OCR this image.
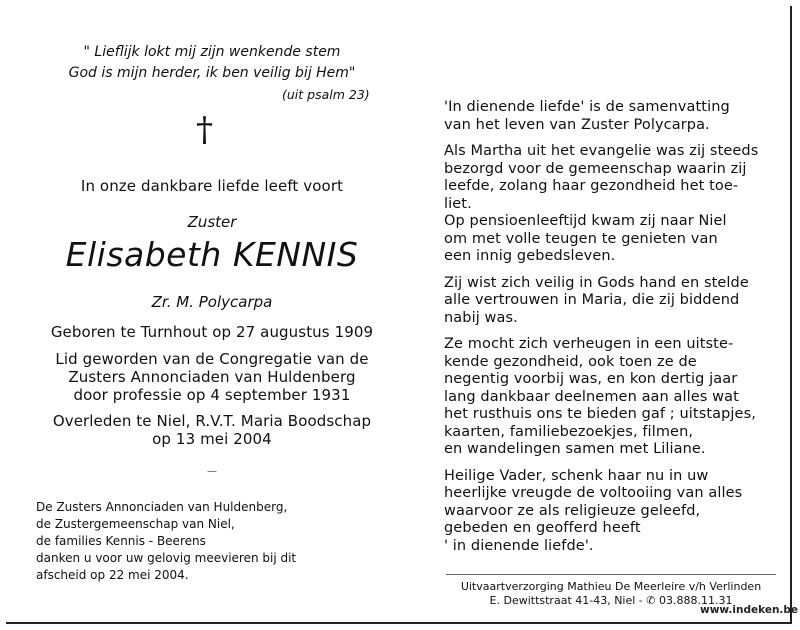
" Lieflijk lokt mij zijn wenkende stem
God is mijn herder, ik ben veilig bij Hem"
(uit psalm 23)
†
In onze dankbare liefde leeft voort
Zuster
Elisabeth KENNIS
Zr. M. Polycarpa
Geboren te Turnhout op 27 augustus 1909
Lid geworden van de Congregatie van de
Zusters Annonciaden van Huldenberg
door professie op 4 september 1931
Overleden te Niel, R.V.T. Maria Boodschap
op 13 mei 2004
—
De Zusters Annonciaden van Huldenberg,
de Zustergemeenschap van Niel,
de families Kennis - Beerens
danken u voor uw gelovig meevieren bij dit
afscheid op 22 mei 2004.

'In dienende liefde' is de samenvatting
van het leven van Zuster Polycarpa.

Als Martha uit het evangelie was zij steeds
bezorgd voor de gemeenschap waarin zij
leefde, zolang haar gezondheid het toe-
liet.
Op pensioenleeftijd kwam zij naar Niel
om met volle teugen te genieten van
een innig gebedsleven.

Zij wist zich veilig in Gods hand en stelde
alle vertrouwen in Maria, die zij biddend
nabij was.

Ze mocht zich verheugen in een uitste-
kende gezondheid, ook toen ze de
negentig voorbij was, en kon dertig jaar
lang dankbaar deelnemen aan alles wat
het rusthuis ons te bieden gaf ; uitstapjes,
kaarten, familiebezoekjes, filmen,
en wandelingen samen met Liliane.

Heilige Vader, schenk haar nu in uw
heerlijke vreugde de voltooiing van alles
waarvoor ze als religieuze geleefd,
gebeden en geofferd heeft
' in dienende liefde'.

Uitvaartverzorging Mathieu De Meerleire v/h Verlinden
E. Dewittstraat 41-43, Niel - ✆ 03.888.11.31
www.indeken.be
